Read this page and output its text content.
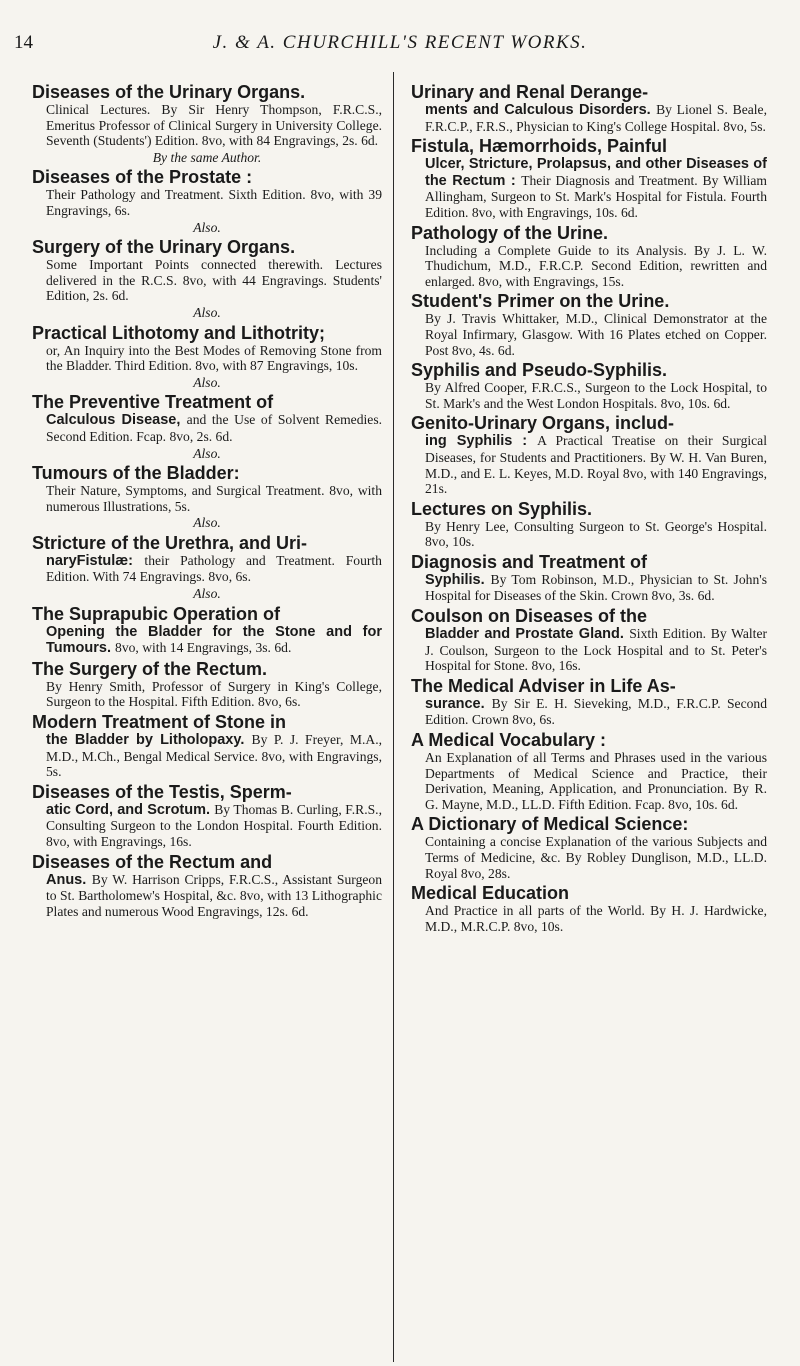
14	J. & A. CHURCHILL'S RECENT WORKS.
Diseases of the Urinary Organs.
Clinical Lectures. By Sir Henry Thompson, F.R.C.S., Emeritus Professor of Clinical Surgery in University College. Seventh (Students') Edition. 8vo, with 84 Engravings, 2s. 6d.
By the same Author.
Diseases of the Prostate :
Their Pathology and Treatment. Sixth Edition. 8vo, with 39 Engravings, 6s.
Also.
Surgery of the Urinary Organs.
Some Important Points connected therewith. Lectures delivered in the R.C.S. 8vo, with 44 Engravings. Students' Edition, 2s. 6d.
Also.
Practical Lithotomy and Lithotrity;
or, An Inquiry into the Best Modes of Removing Stone from the Bladder. Third Edition. 8vo, with 87 Engravings, 10s.
Also.
The Preventive Treatment of
Calculous Disease, and the Use of Solvent Remedies. Second Edition. Fcap. 8vo, 2s. 6d.
Also.
Tumours of the Bladder:
Their Nature, Symptoms, and Surgical Treatment. 8vo, with numerous Illustrations, 5s.
Also.
Stricture of the Urethra, and Uri-
naryFistulæ: their Pathology and Treatment. Fourth Edition. With 74 Engravings. 8vo, 6s.
Also.
The Suprapubic Operation of
Opening the Bladder for the Stone and for Tumours. 8vo, with 14 Engravings, 3s. 6d.
The Surgery of the Rectum.
By Henry Smith, Professor of Surgery in King's College, Surgeon to the Hospital. Fifth Edition. 8vo, 6s.
Modern Treatment of Stone in
the Bladder by Litholopaxy. By P. J. Freyer, M.A., M.D., M.Ch., Bengal Medical Service. 8vo, with Engravings, 5s.
Diseases of the Testis, Sperm-
atic Cord, and Scrotum. By Thomas B. Curling, F.R.S., Consulting Surgeon to the London Hospital. Fourth Edition. 8vo, with Engravings, 16s.
Diseases of the Rectum and
Anus. By W. Harrison Cripps, F.R.C.S., Assistant Surgeon to St. Bartholomew's Hospital, &c. 8vo, with 13 Lithographic Plates and numerous Wood Engravings, 12s. 6d.
Urinary and Renal Derange-
ments and Calculous Disorders. By Lionel S. Beale, F.R.C.P., F.R.S., Physician to King's College Hospital. 8vo, 5s.
Fistula, Hæmorrhoids, Painful
Ulcer, Stricture, Prolapsus, and other Diseases of the Rectum : Their Diagnosis and Treatment. By William Allingham, Surgeon to St. Mark's Hospital for Fistula. Fourth Edition. 8vo, with Engravings, 10s. 6d.
Pathology of the Urine.
Including a Complete Guide to its Analysis. By J. L. W. Thudichum, M.D., F.R.C.P. Second Edition, rewritten and enlarged. 8vo, with Engravings, 15s.
Student's Primer on the Urine.
By J. Travis Whittaker, M.D., Clinical Demonstrator at the Royal Infirmary, Glasgow. With 16 Plates etched on Copper. Post 8vo, 4s. 6d.
Syphilis and Pseudo-Syphilis.
By Alfred Cooper, F.R.C.S., Surgeon to the Lock Hospital, to St. Mark's and the West London Hospitals. 8vo, 10s. 6d.
Genito-Urinary Organs, includ-
ing Syphilis : A Practical Treatise on their Surgical Diseases, for Students and Practitioners. By W. H. Van Buren, M.D., and E. L. Keyes, M.D. Royal 8vo, with 140 Engravings, 21s.
Lectures on Syphilis.
By Henry Lee, Consulting Surgeon to St. George's Hospital. 8vo, 10s.
Diagnosis and Treatment of
Syphilis. By Tom Robinson, M.D., Physician to St. John's Hospital for Diseases of the Skin. Crown 8vo, 3s. 6d.
Coulson on Diseases of the
Bladder and Prostate Gland. Sixth Edition. By Walter J. Coulson, Surgeon to the Lock Hospital and to St. Peter's Hospital for Stone. 8vo, 16s.
The Medical Adviser in Life As-
surance. By Sir E. H. Sieveking, M.D., F.R.C.P. Second Edition. Crown 8vo, 6s.
A Medical Vocabulary :
An Explanation of all Terms and Phrases used in the various Departments of Medical Science and Practice, their Derivation, Meaning, Application, and Pronunciation. By R. G. Mayne, M.D., LL.D. Fifth Edition. Fcap. 8vo, 10s. 6d.
A Dictionary of Medical Science:
Containing a concise Explanation of the various Subjects and Terms of Medicine, &c. By Robley Dunglison, M.D., LL.D. Royal 8vo, 28s.
Medical Education
And Practice in all parts of the World. By H. J. Hardwicke, M.D., M.R.C.P. 8vo, 10s.
